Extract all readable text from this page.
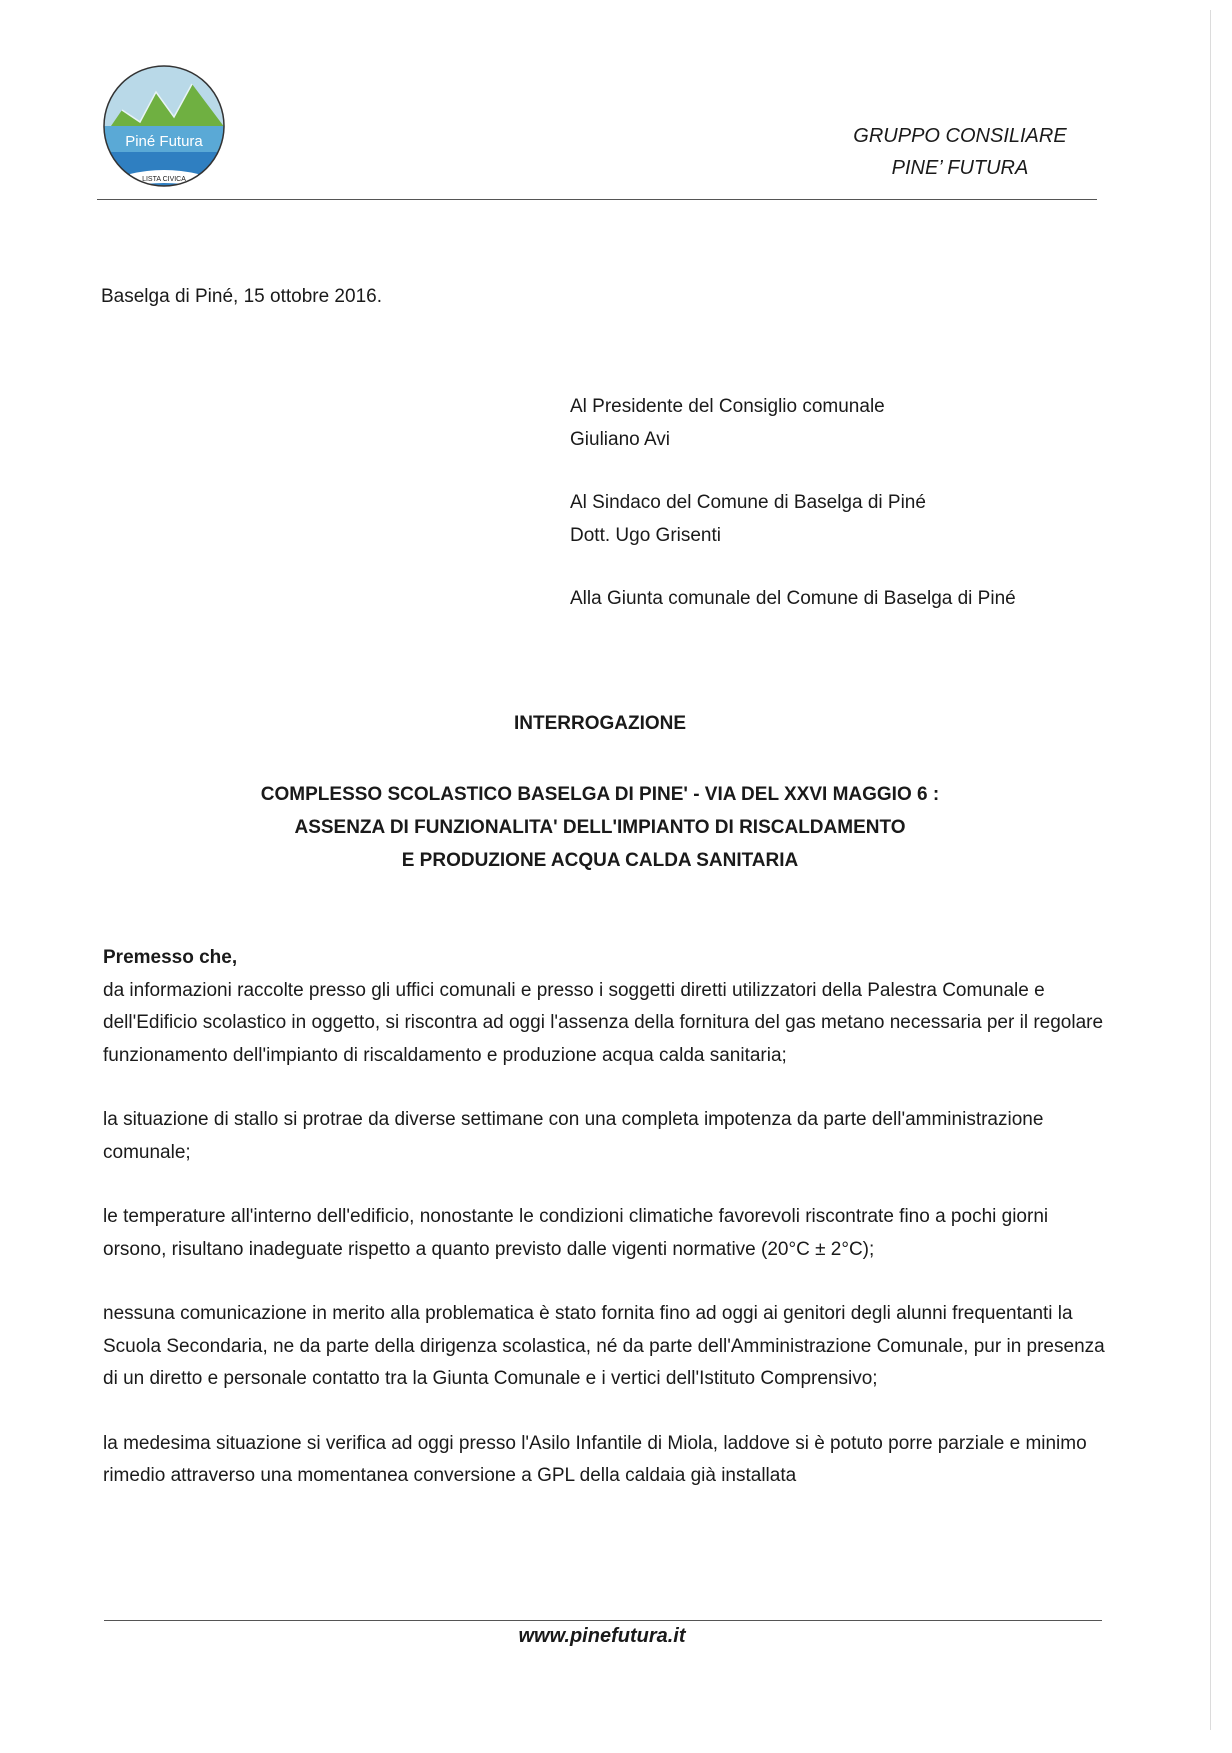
Piné Futura
LISTA CIVICA
GRUPPO CONSILIARE
PINE’ FUTURA
Baselga di Piné, 15 ottobre 2016.
Al Presidente del Consiglio comunale
Giuliano Avi
Al Sindaco del Comune di Baselga di Piné
Dott. Ugo Grisenti
Alla Giunta comunale del Comune di Baselga di Piné
INTERROGAZIONE
COMPLESSO SCOLASTICO BASELGA DI PINE' - VIA DEL XXVI MAGGIO 6 :
ASSENZA DI FUNZIONALITA' DELL'IMPIANTO DI RISCALDAMENTO
E PRODUZIONE ACQUA CALDA SANITARIA
Premesso che,
da informazioni raccolte presso gli uffici comunali e presso i soggetti diretti utilizzatori della Palestra Comunale e dell'Edificio scolastico in oggetto, si riscontra ad oggi l'assenza della fornitura del gas metano necessaria per il regolare funzionamento dell'impianto di riscaldamento e produzione acqua calda sanitaria;
la situazione di stallo si protrae da diverse settimane con una completa impotenza da parte dell'amministrazione comunale;
le temperature all'interno dell'edificio, nonostante le condizioni climatiche favorevoli riscontrate fino a pochi giorni orsono, risultano inadeguate rispetto a quanto previsto dalle vigenti normative (20°C ± 2°C);
nessuna comunicazione in merito alla problematica è stato fornita fino ad oggi ai genitori degli alunni frequentanti la Scuola Secondaria, ne da parte della dirigenza scolastica, né da parte dell'Amministrazione Comunale, pur in presenza di un diretto e personale contatto tra la Giunta Comunale e i vertici dell'Istituto Comprensivo;
la medesima situazione si verifica ad oggi presso l'Asilo Infantile di Miola, laddove si è potuto porre parziale e minimo rimedio attraverso una momentanea conversione a GPL della caldaia già installata
www.pinefutura.it
